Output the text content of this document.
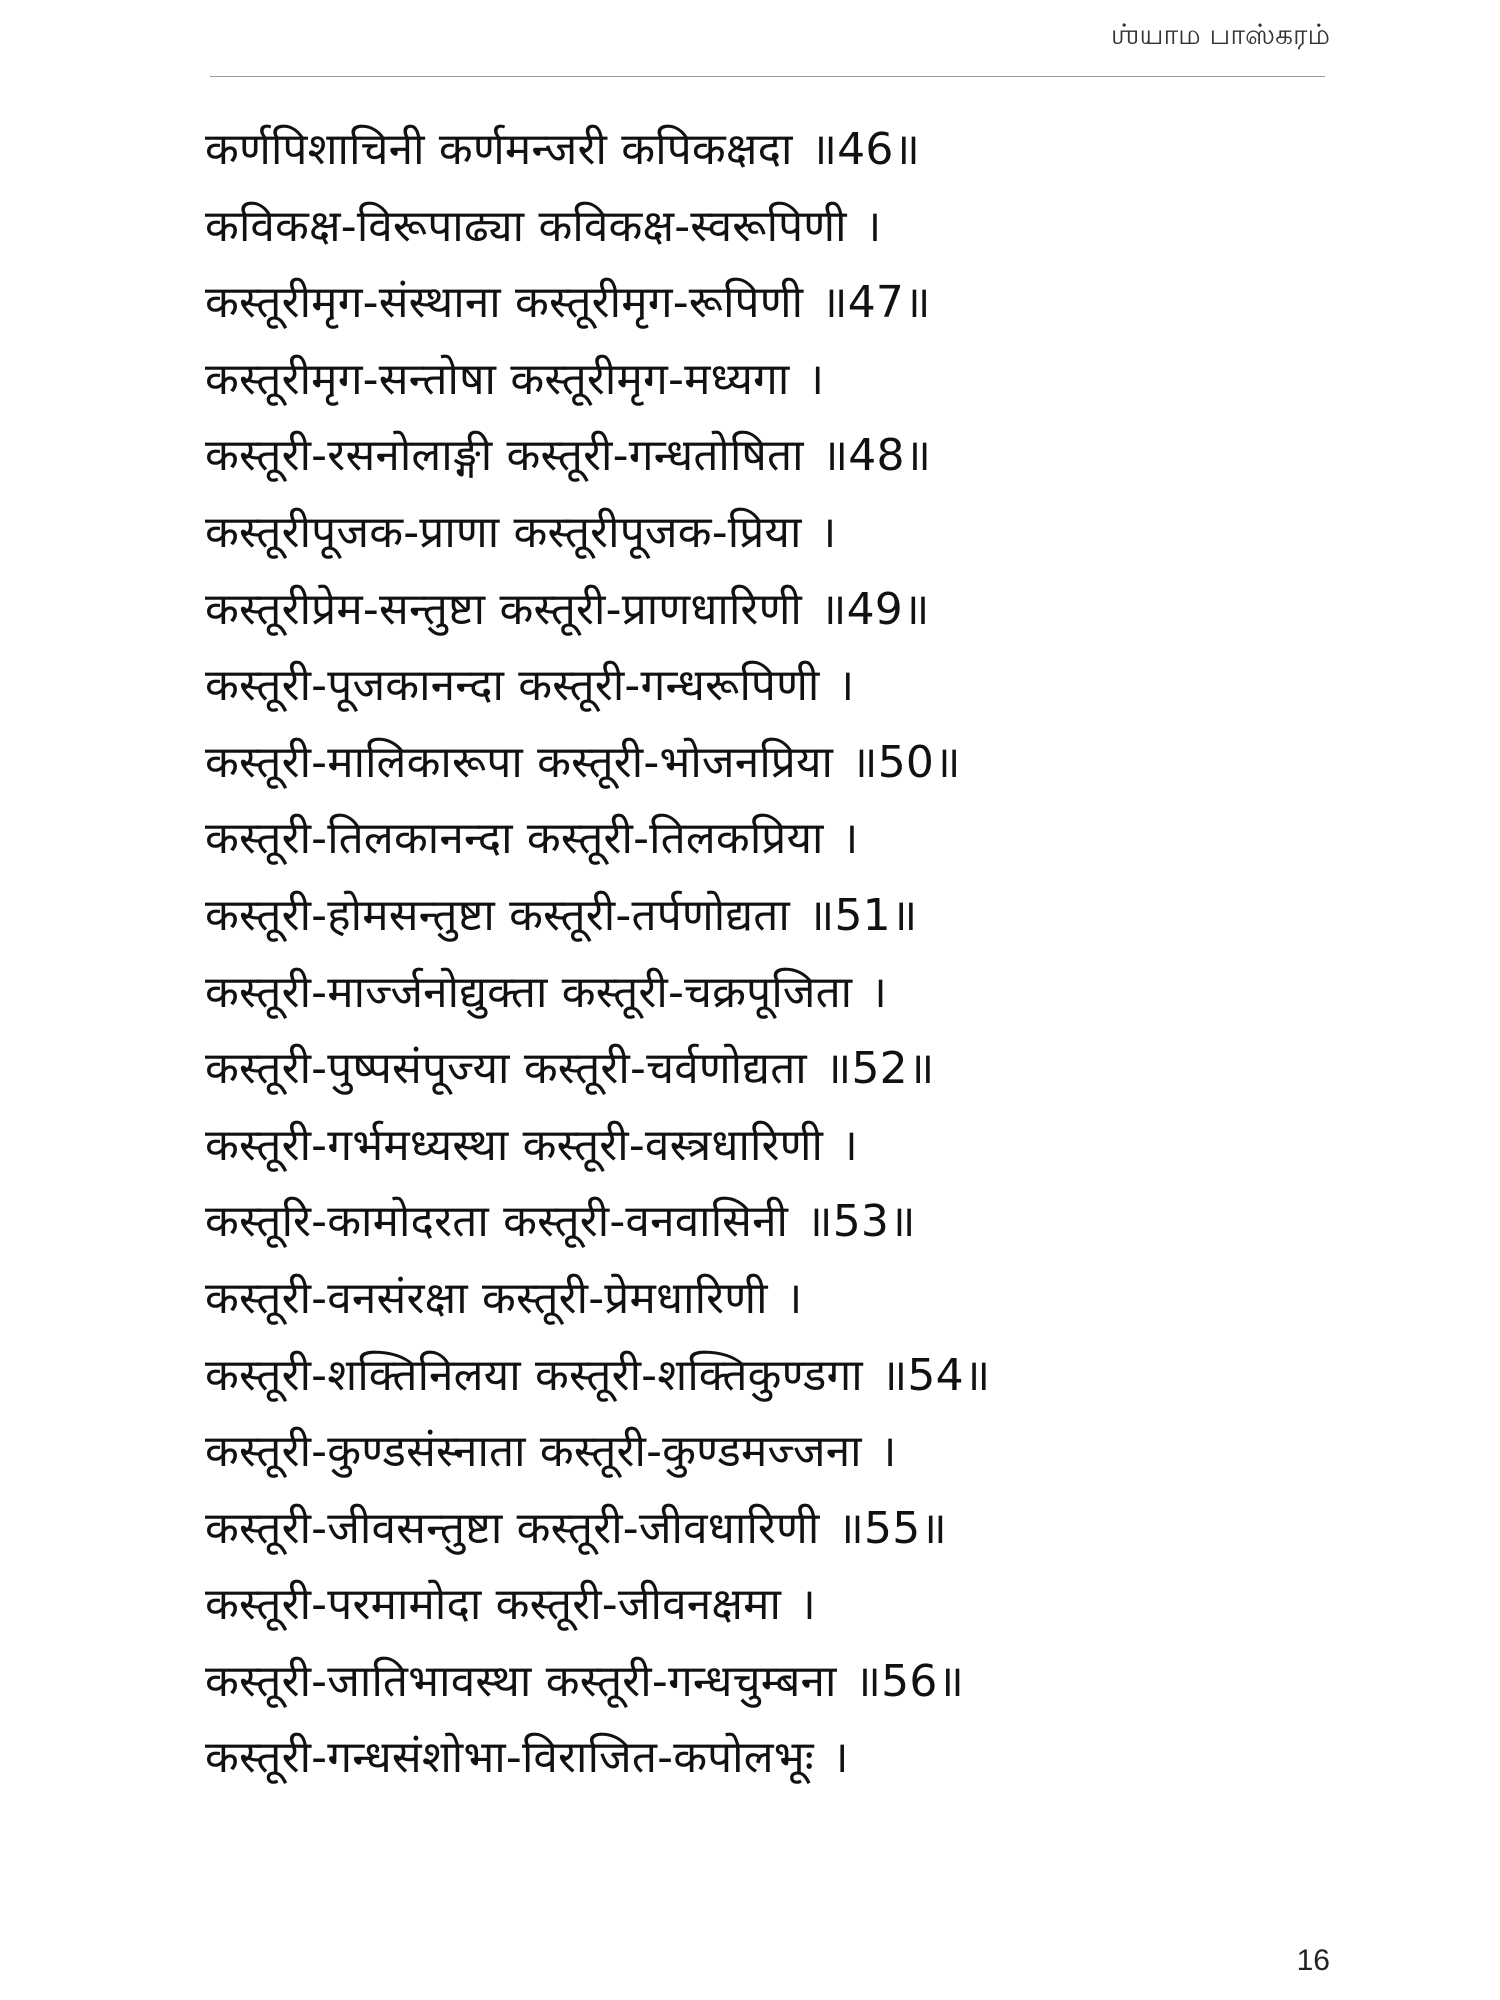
ஶ்யாம பாஸ்கரம்
कर्णपिशाचिनी कर्णमन्जरी कपिकक्षदा ॥46॥
कविकक्ष-विरूपाढ्या कविकक्ष-स्वरूपिणी ।
कस्तूरीमृग-संस्थाना कस्तूरीमृग-रूपिणी ॥47॥
कस्तूरीमृग-सन्तोषा कस्तूरीमृग-मध्यगा ।
कस्तूरी-रसनोलाङ्गी कस्तूरी-गन्धतोषिता ॥48॥
कस्तूरीपूजक-प्राणा कस्तूरीपूजक-प्रिया ।
कस्तूरीप्रेम-सन्तुष्टा कस्तूरी-प्राणधारिणी ॥49॥
कस्तूरी-पूजकानन्दा कस्तूरी-गन्धरूपिणी ।
कस्तूरी-मालिकारूपा कस्तूरी-भोजनप्रिया ॥50॥
कस्तूरी-तिलकानन्दा कस्तूरी-तिलकप्रिया ।
कस्तूरी-होमसन्तुष्टा कस्तूरी-तर्पणोद्यता ॥51॥
कस्तूरी-मार्ज्जनोद्युक्ता कस्तूरी-चक्रपूजिता ।
कस्तूरी-पुष्पसंपूज्या कस्तूरी-चर्वणोद्यता ॥52॥
कस्तूरी-गर्भमध्यस्था कस्तूरी-वस्त्रधारिणी ।
कस्तूरि-कामोदरता कस्तूरी-वनवासिनी ॥53॥
कस्तूरी-वनसंरक्षा कस्तूरी-प्रेमधारिणी ।
कस्तूरी-शक्तिनिलया कस्तूरी-शक्तिकुण्डगा ॥54॥
कस्तूरी-कुण्डसंस्नाता कस्तूरी-कुण्डमज्जना ।
कस्तूरी-जीवसन्तुष्टा कस्तूरी-जीवधारिणी ॥55॥
कस्तूरी-परमामोदा कस्तूरी-जीवनक्षमा ।
कस्तूरी-जातिभावस्था कस्तूरी-गन्धचुम्बना ॥56॥
कस्तूरी-गन्धसंशोभा-विराजित-कपोलभूः ।
16
